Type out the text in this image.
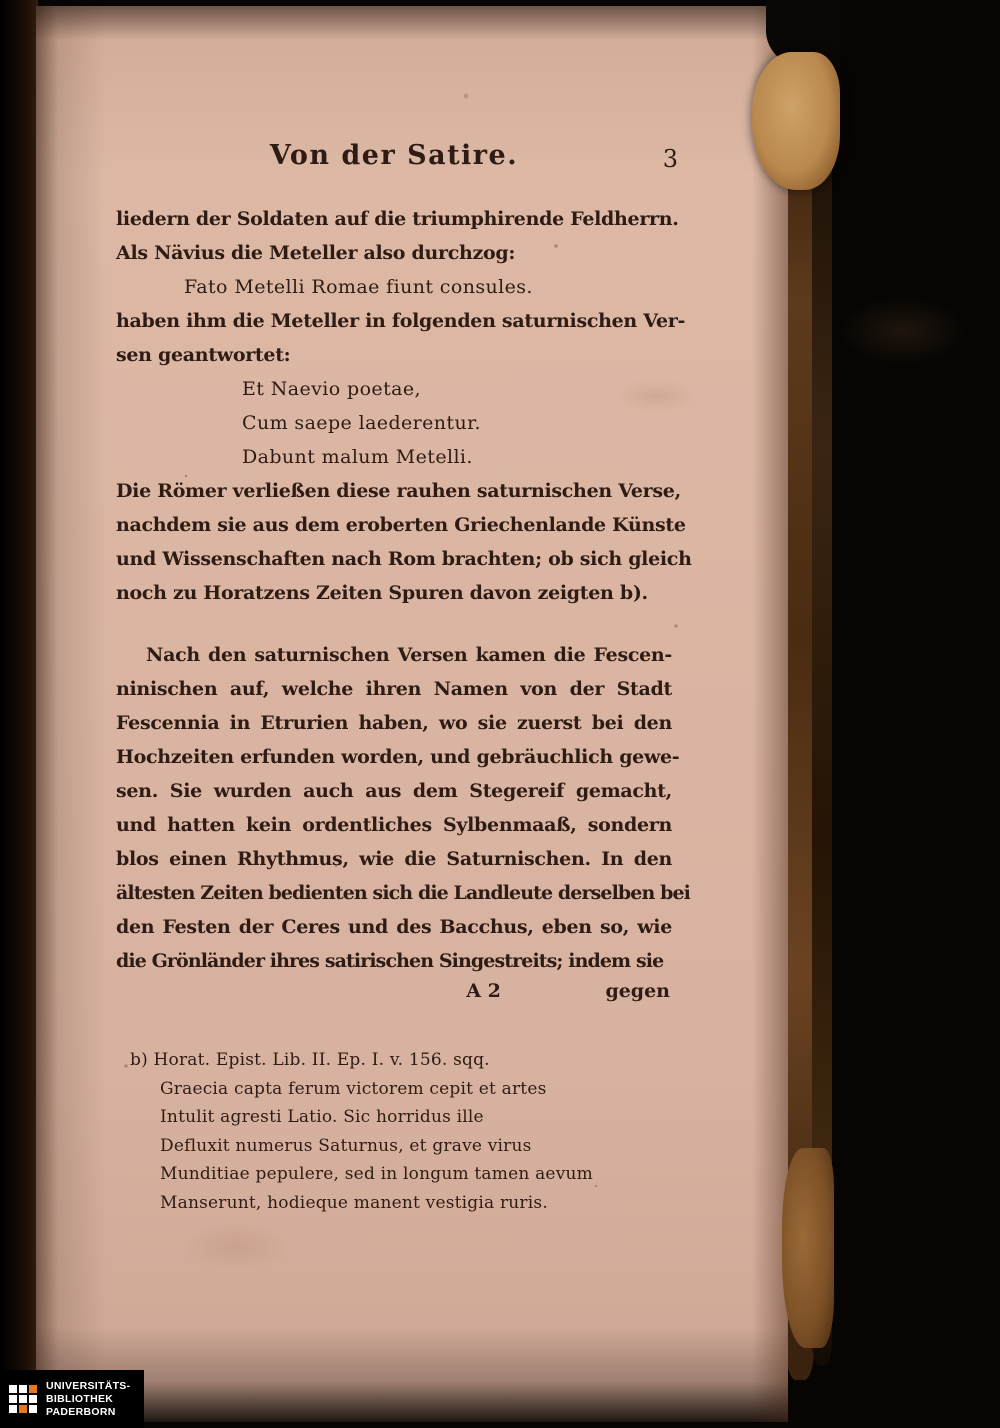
Von der Satire.	3
liedern der Soldaten auf die triumphirende Feldherrn.
Als Nävius die Meteller also durchzog:
Fato Metelli Romae fiunt consules.
haben ihm die Meteller in folgenden saturnischen Ver-
sen geantwortet:
Et Naevio poetae,
Cum saepe laederentur.
Dabunt malum Metelli.
Die Römer verließen diese rauhen saturnischen Verse,
nachdem sie aus dem eroberten Griechenlande Künste
und Wissenschaften nach Rom brachten; ob sich gleich
noch zu Horatzens Zeiten Spuren davon zeigten b).
Nach den saturnischen Versen kamen die Fescen-
ninischen auf, welche ihren Namen von der Stadt
Fescennia in Etrurien haben, wo sie zuerst bei den
Hochzeiten erfunden worden, und gebräuchlich gewe-
sen. Sie wurden auch aus dem Stegereif gemacht,
und hatten kein ordentliches Sylbenmaaß, sondern
blos einen Rhythmus, wie die Saturnischen. In den
ältesten Zeiten bedienten sich die Landleute derselben bei
den Festen der Ceres und des Bacchus, eben so, wie
die Grönländer ihres satirischen Singestreits; indem sie
A 2	gegen
b) Horat. Epist. Lib. II. Ep. I. v. 156. sqq.
Graecia capta ferum victorem cepit et artes
Intulit agresti Latio. Sic horridus ille
Defluxit numerus Saturnus, et grave virus
Munditiae pepulere, sed in longum tamen aevum
Manserunt, hodieque manent vestigia ruris.
UNIVERSITÄTS-
BIBLIOTHEK
PADERBORN
